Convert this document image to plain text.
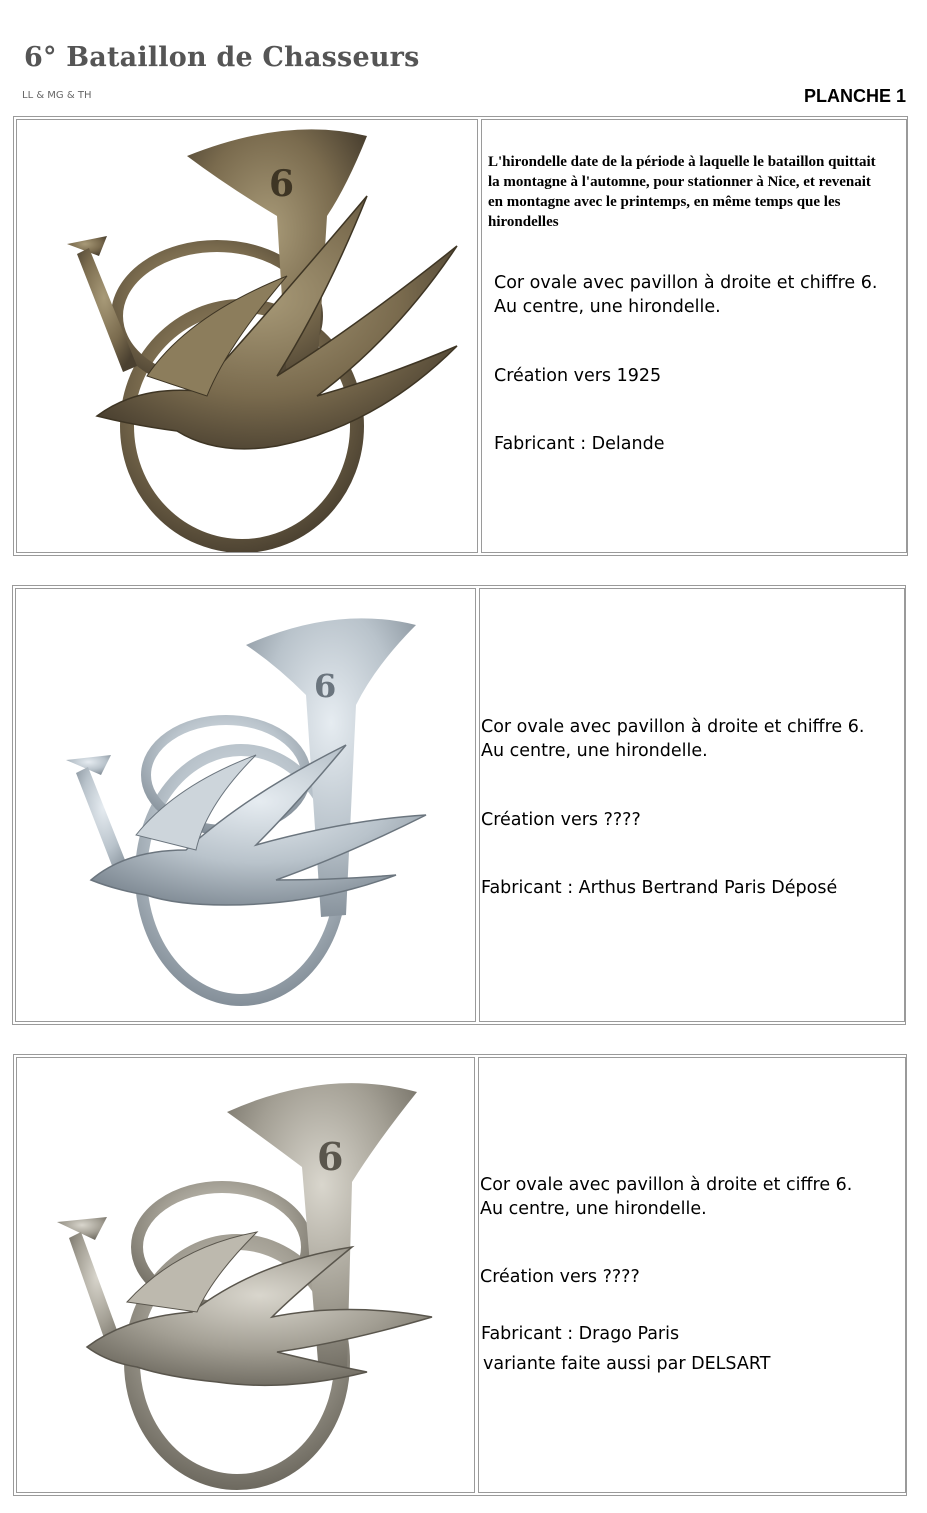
6° Bataillon de Chasseurs
LL & MG & TH	PLANCHE 1
6
L'hirondelle date de la période à laquelle le bataillon quittait la montagne à l'automne, pour stationner à Nice, et revenait en montagne avec le printemps, en même temps que les hirondelles
Cor ovale avec pavillon à droite et chiffre 6.
Au centre, une hirondelle.
Création vers 1925
Fabricant : Delande
6
Cor ovale avec pavillon à droite et chiffre 6.
Au centre, une hirondelle.
Création vers ????
Fabricant : Arthus Bertrand Paris Déposé
6
Cor ovale avec pavillon à droite et ciffre 6.
Au centre, une hirondelle.
Création vers ????
Fabricant : Drago Paris
variante faite aussi par DELSART
